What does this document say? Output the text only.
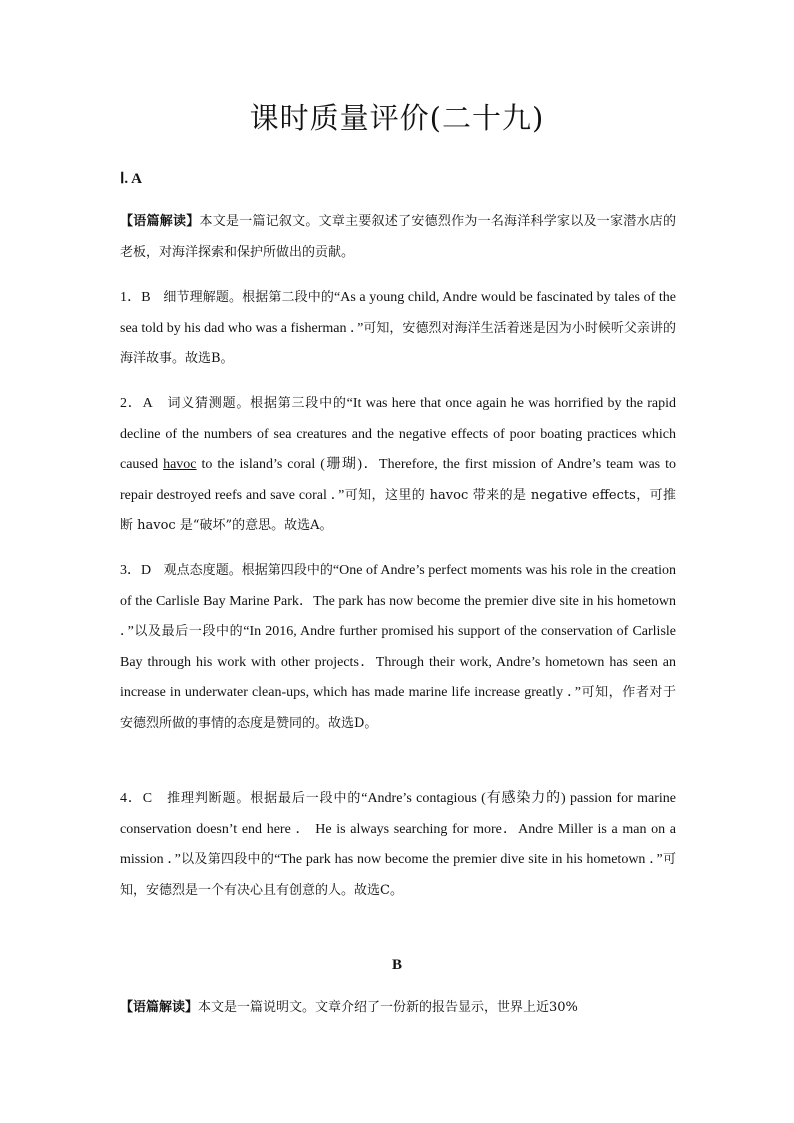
课时质量评价(二十九)
Ⅰ. A
【语篇解读】本文是一篇记叙文。文章主要叙述了安德烈作为一名海洋科学家以及一家潜水店的老板，对海洋探索和保护所做出的贡献。
1．B 细节理解题。根据第二段中的“As a young child, Andre would be fascinated by tales of the sea told by his dad who was a fisherman ．”可知，安德烈对海洋生活着迷是因为小时候听父亲讲的海洋故事。故选B。
2．A 词义猜测题。根据第三段中的“It was here that once again he was horrified by the rapid decline of the numbers of sea creatures and the negative effects of poor boating practices which caused havoc to the island’s coral (珊瑚)．Therefore, the first mission of Andre’s team was to repair destroyed reefs and save coral ．”可知，这里的 havoc 带来的是 negative effects，可推断 havoc 是“破坏”的意思。故选A。
3．D 观点态度题。根据第四段中的“One of Andre’s perfect moments was his role in the creation of the Carlisle Bay Marine Park．The park has now become the premier dive site in his hometown ．”以及最后一段中的“In 2016, Andre further promised his support of the conservation of Carlisle Bay through his work with other projects．Through their work, Andre’s hometown has seen an increase in underwater clean-ups, which has made marine life increase greatly ．”可知，作者对于安德烈所做的事情的态度是赞同的。故选D。
4．C 推理判断题。根据最后一段中的“Andre’s contagious (有感染力的) passion for marine conservation doesn’t end here ． He is always searching for more．Andre Miller is a man on a mission ．”以及第四段中的“The park has now become the premier dive site in his hometown ．”可知，安德烈是一个有决心且有创意的人。故选C。
B
【语篇解读】本文是一篇说明文。文章介绍了一份新的报告显示，世界上近30%
